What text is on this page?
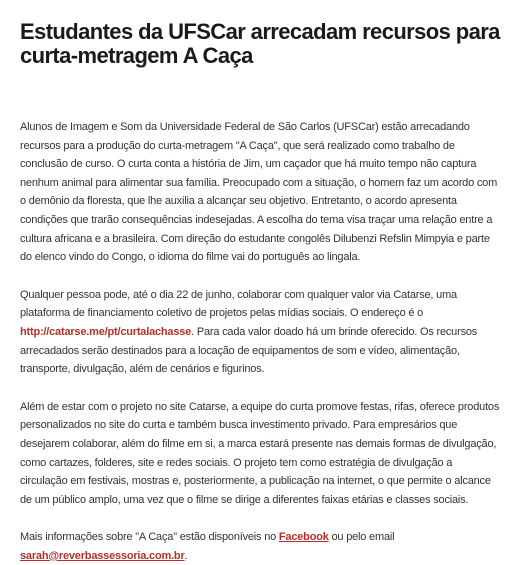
Estudantes da UFSCar arrecadam recursos para curta-metragem A Caça

Alunos de Imagem e Som da Universidade Federal de São Carlos (UFSCar) estão arrecadando recursos para a produção do curta-metragem "A Caça", que será realizado como trabalho de conclusão de curso. O curta conta a história de Jim, um caçador que há muito tempo não captura nenhum animal para alimentar sua família. Preocupado com a situação, o homem faz um acordo com o demônio da floresta, que lhe auxilia a alcançar seu objetivo. Entretanto, o acordo apresenta condições que trarão consequências indesejadas. A escolha do tema visa traçar uma relação entre a cultura africana e a brasileira. Com direção do estudante congolês Dilubenzi Refslin Mimpyia e parte do elenco vindo do Congo, o idioma do filme vai do português ao lingala.

Qualquer pessoa pode, até o dia 22 de junho, colaborar com qualquer valor via Catarse, uma plataforma de financiamento coletivo de projetos pelas mídias sociais. O endereço é o http://catarse.me/pt/curtalachasse. Para cada valor doado há um brinde oferecido. Os recursos arrecadados serão destinados para a locação de equipamentos de som e vídeo, alimentação, transporte, divulgação, além de cenários e figurinos.

Além de estar com o projeto no site Catarse, a equipe do curta promove festas, rifas, oferece produtos personalizados no site do curta e também busca investimento privado. Para empresários que desejarem colaborar, além do filme em si, a marca estará presente nas demais formas de divulgação, como cartazes, folderes, site e redes sociais. O projeto tem como estratégia de divulgação a circulação em festivais, mostras e, posteriormente, a publicação na internet, o que permite o alcance de um público amplo, uma vez que o filme se dirige a diferentes faixas etárias e classes sociais.

Mais informações sobre "A Caça" estão disponíveis no Facebook ou pelo email sarah@reverbassessoria.com.br.
